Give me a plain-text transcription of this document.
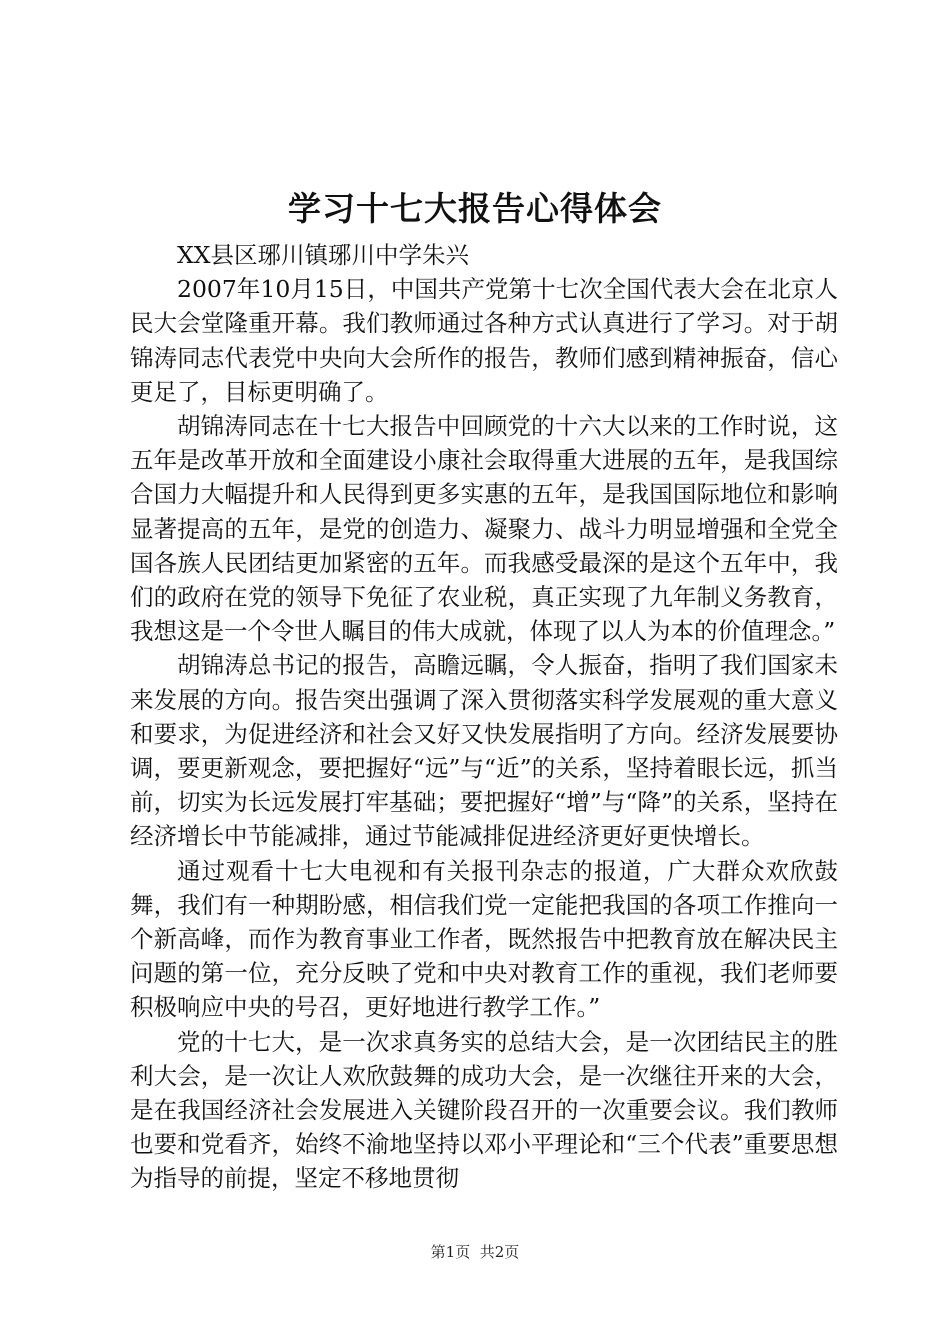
学习十七大报告心得体会

XX县区琊川镇琊川中学朱兴

2007年10月15日，中国共产党第十七次全国代表大会在北京人民大会堂隆重开幕。我们教师通过各种方式认真进行了学习。对于胡锦涛同志代表党中央向大会所作的报告，教师们感到精神振奋，信心更足了，目标更明确了。

胡锦涛同志在十七大报告中回顾党的十六大以来的工作时说，这五年是改革开放和全面建设小康社会取得重大进展的五年，是我国综合国力大幅提升和人民得到更多实惠的五年，是我国国际地位和影响显著提高的五年，是党的创造力、凝聚力、战斗力明显增强和全党全国各族人民团结更加紧密的五年。而我感受最深的是这个五年中，我们的政府在党的领导下免征了农业税，真正实现了九年制义务教育，我想这是一个令世人瞩目的伟大成就，体现了以人为本的价值理念。”

胡锦涛总书记的报告，高瞻远瞩，令人振奋，指明了我们国家未来发展的方向。报告突出强调了深入贯彻落实科学发展观的重大意义和要求，为促进经济和社会又好又快发展指明了方向。经济发展要协调，要更新观念，要把握好“远”与“近”的关系，坚持着眼长远，抓当前，切实为长远发展打牢基础；要把握好“增”与“降”的关系，坚持在经济增长中节能减排，通过节能减排促进经济更好更快增长。

通过观看十七大电视和有关报刊杂志的报道，广大群众欢欣鼓舞，我们有一种期盼感，相信我们党一定能把我国的各项工作推向一个新高峰，而作为教育事业工作者，既然报告中把教育放在解决民主问题的第一位，充分反映了党和中央对教育工作的重视，我们老师要积极响应中央的号召，更好地进行教学工作。”

党的十七大，是一次求真务实的总结大会，是一次团结民主的胜利大会，是一次让人欢欣鼓舞的成功大会，是一次继往开来的大会，是在我国经济社会发展进入关键阶段召开的一次重要会议。我们教师也要和党看齐，始终不渝地坚持以邓小平理论和“三个代表”重要思想为指导的前提，坚定不移地贯彻

第1页 共2页
